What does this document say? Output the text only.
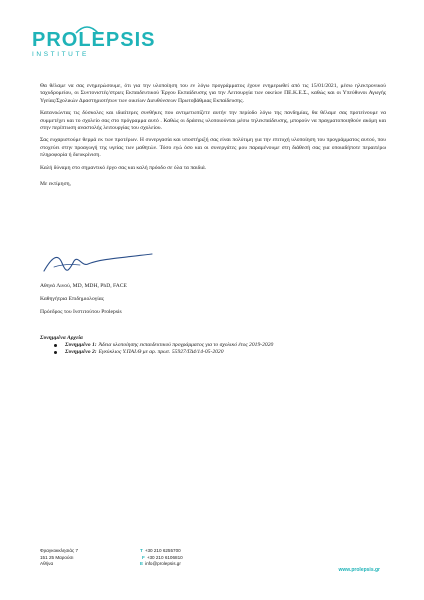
PROLEPSIS
INSTITUTE

Θα θέλαμε να σας ενημερώσουμε, ότι για την υλοποίηση του εν λόγω προγράμματος έχουν ενημερωθεί από τις 15/01/2021, μέσω ηλεκτρονικού ταχυδρομείου, οι Συντονιστές/στριες Εκπαιδευτικού Έργου Εκπαίδευσης για την Λειτουργία των οικείων ΠΕ.Κ.Ε.Σ., καθώς και οι Υπεύθυνοι Αγωγής Υγείας/Σχολικών Δραστηριοτήτων των οικείων Διευθύνσεων Πρωτοβάθμιας Εκπαίδευσης.

Κατανοώντας τις δύσκολες και ιδιαίτερες συνθήκες που αντιμετωπίζετε αυτήν την περίοδο λόγω της πανδημίας, θα θέλαμε σας προτείνουμε να συμμετέχει και το σχολείο σας στο πρόγραμμα αυτό . Καθώς οι δράσεις υλοποιούνται μέσω τηλεκπαίδευσης, μπορούν να πραγματοποιηθούν ακόμη και στην περίπτωση αναστολής λειτουργίας του σχολείου.

Σας ευχαριστούμε θερμά εκ των προτέρων. Η συνεργασία και υποστήριξή σας είναι πολύτιμη για την επιτυχή υλοποίηση του προγράμματος αυτού, που στοχεύει στην προαγωγή της υγείας των μαθητών. Τόσο εγώ όσο και οι συνεργάτες μου παραμένουμε στη διάθεσή σας για οποιαδήποτε περαιτέρω πληροφορία ή διευκρίνιση.

Καλή δύναμη στο σημαντικό έργο σας και καλή πρόοδο σε όλα τα παιδιά.

Με εκτίμηση,

Αθηνά Λινού, MD, MDH, PhD, FACE
Καθηγήτρια Επιδημιολογίας
Πρόεδρος του Ινστιτούτου Prolepsis
Συνημμένα Αρχεία
Συνημμένο 1: Άδεια υλοποίησης εκπαιδευτικού προγράμματος για το σχολικό έτος 2019-2020
Συνημμένο 2: Εγκύκλιος Υ.ΠΑΙ.Θ με αρ. πρωτ. 55927/ΓΔ4/14-05-2020
Φραγκοκκλησιάς 7
151 25 Μαρούσι
Αθήνα
T +30 210 6255700
F +30 210 6106810
E info@prolepsis.gr
www.prolepsis.gr
